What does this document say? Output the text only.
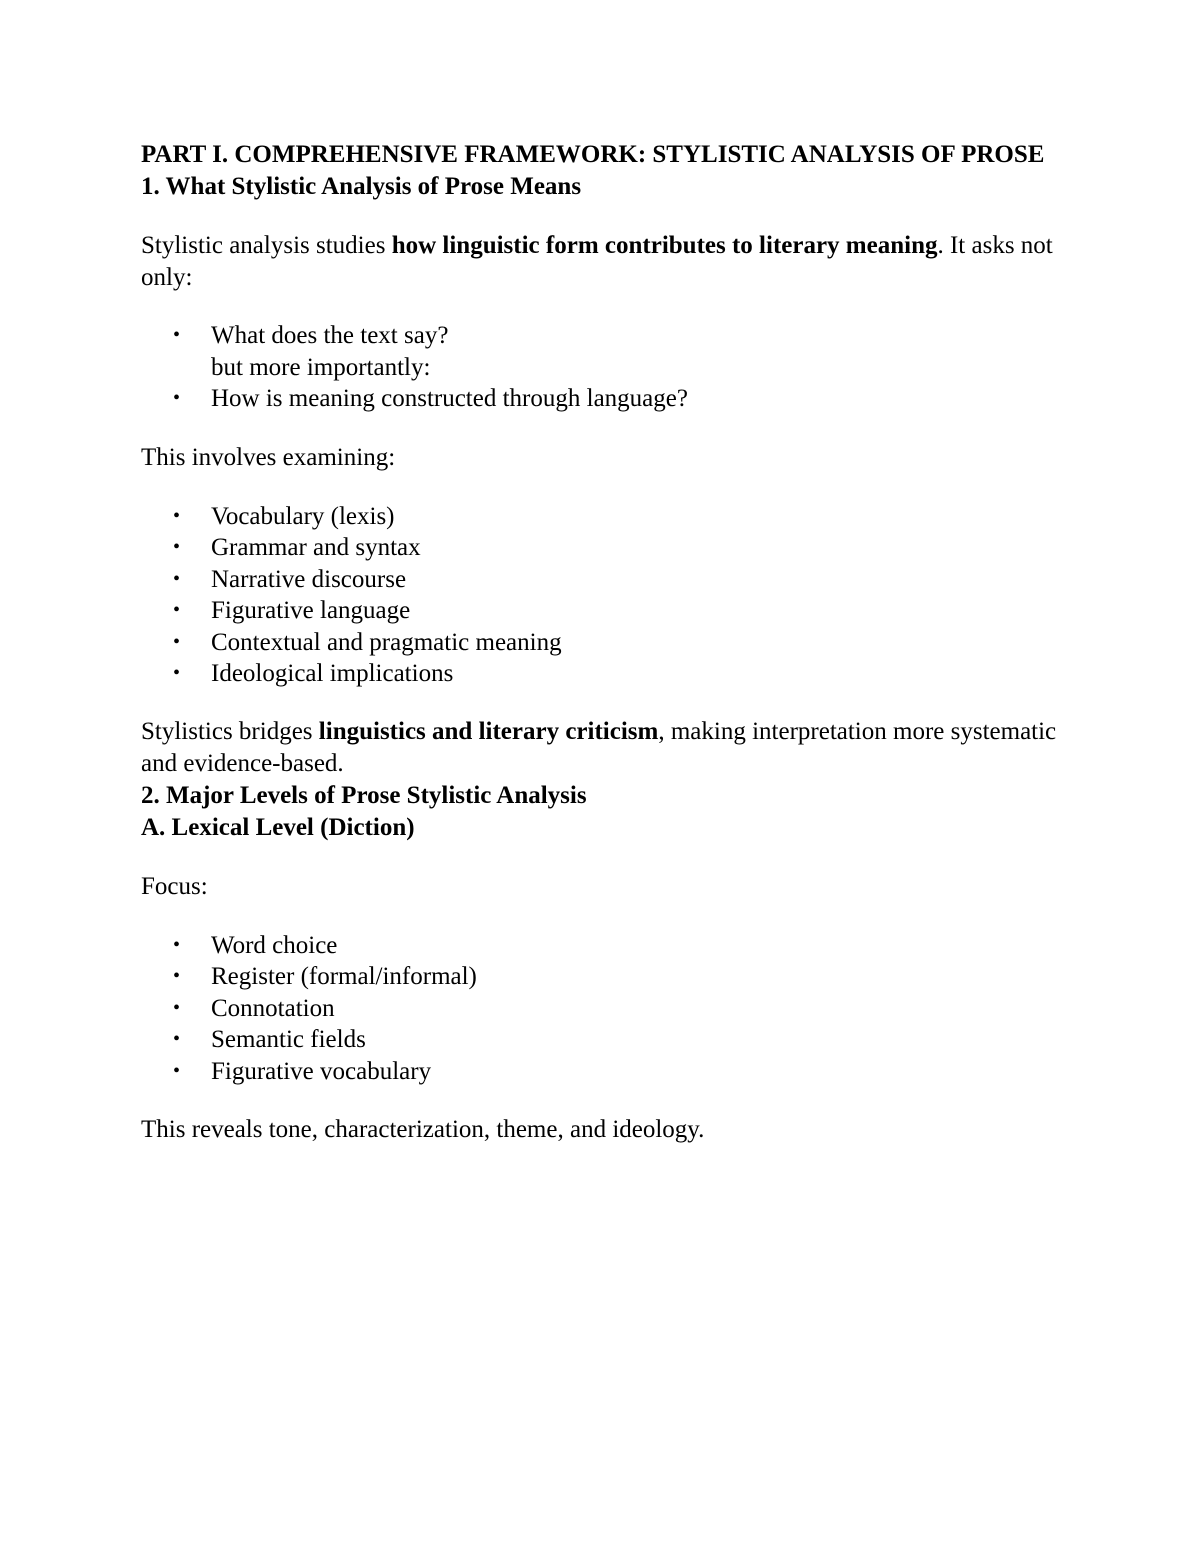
PART I. COMPREHENSIVE FRAMEWORK: STYLISTIC ANALYSIS OF PROSE
1. What Stylistic Analysis of Prose Means

Stylistic analysis studies how linguistic form contributes to literary meaning. It asks not only:

• What does the text say?
but more importantly:
• How is meaning constructed through language?

This involves examining:

• Vocabulary (lexis)
• Grammar and syntax
• Narrative discourse
• Figurative language
• Contextual and pragmatic meaning
• Ideological implications

Stylistics bridges linguistics and literary criticism, making interpretation more systematic and evidence-based.

2. Major Levels of Prose Stylistic Analysis
A. Lexical Level (Diction)

Focus:

• Word choice
• Register (formal/informal)
• Connotation
• Semantic fields
• Figurative vocabulary

This reveals tone, characterization, theme, and ideology.
